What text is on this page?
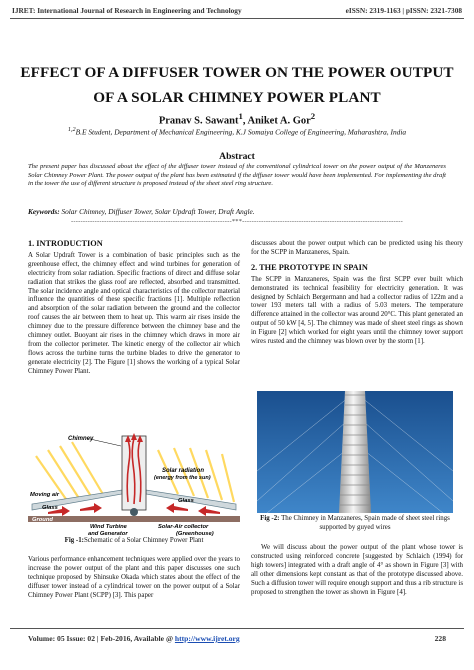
IJRET: International Journal of Research in Engineering and Technology	eISSN: 2319-1163 | pISSN: 2321-7308
EFFECT OF A DIFFUSER TOWER ON THE POWER OUTPUT OF A SOLAR CHIMNEY POWER PLANT
Pranav S. Sawant$^1$, Aniket A. Gor$^2$
$^{1,2}$B.E Student, Department of Mechanical Engineering, K.J Somaiya College of Engineering, Maharashtra, India
Abstract
The present paper has discussed about the effect of the diffuser tower instead of the conventional cylindrical tower on the power output of the Manzeneres Solar Chimney Power Plant. The power output of the plant has been estimated if the diffuser tower would have been implemented. For implementing the draft in the tower the use of different structure is proposed instead of the sheet steel ring structure.
Keywords: Solar Chimney, Diffuser Tower, Solar Updraft Tower, Draft Angle.
--------------------------------------------------------------------***--------------------------------------------------------------------

1. INTRODUCTION

A Solar Updraft Tower is a combination of basic principles such as the greenhouse effect, the chimney effect and wind turbines for generation of electricity from solar radiation. Specific fractions of direct and diffuse solar radiation that strikes the glass roof are reflected, absorbed and transmitted. The solar incidence angle and optical characteristics of the collector material influence the quantities of these specific fractions [1]. Multiple reflection and absorption of the solar radiation between the ground and the collector roof causes the air between them to heat up. This warm air rises inside the chimney due to the pressure difference between the chimney base and the chimney outlet. Buoyant air rises in the chimney which draws in more air from the collector perimeter. The kinetic energy of the collector air which flows across the turbine turns the turbine blades to drive the generator to generate electricity [2]. The Figure [1] shows the working of a typical Solar Chimney Power Plant.

Chimney
Solar radiation
(energy from the sun)
Moving air
Glass
Glass
Ground
Wind Turbine
and Generator
Solar-Air collector
(Greenhouse)
Fig -1:Schematic of a Solar Chimney Power Plant

Various performance enhancement techniques were applied over the years to increase the power output of the plant and this paper discusses one such technique proposed by Shinsuke Okada which states about the effect of the diffuser tower instead of a cylindrical tower on the power output of a Solar Chimney Power Plant (SCPP) [3]. This paper

discusses about the power output which can be predicted using his theory for the SCPP in Manzaneres, Spain.

2. THE PROTOTYPE IN SPAIN

The SCPP in Manzaneres, Spain was the first SCPP ever built which demonstrated its technical feasibility for electricity generation. It was designed by Schlaich Bergermann and had a collector radius of 122m and a tower 193 meters tall with a radius of 5.03 meters. The temperature difference attained in the collector was around 20°C. This plant generated an output of 50 kW [4, 5]. The chimney was made of sheet steel rings as shown in Figure [2] which worked for eight years until the chimney tower support wires rusted and the chimney was blown over by the storm [1].

Fig -2: The Chimney in Manzaneres, Spain made of sheet steel rings supported by guyed wires

We will discuss about the power output of the plant whose tower is constructed using reinforced concrete [suggested by Schlaich (1994) for high towers] integrated with a draft angle of 4° as shown in Figure [3] with all other dimensions kept constant as that of the prototype discussed above. Such a diffusion tower will require enough support and thus a rib structure is proposed to strengthen the tower as shown in Figure [4].

Volume: 05 Issue: 02 | Feb-2016, Available @ http://www.ijret.org	228
